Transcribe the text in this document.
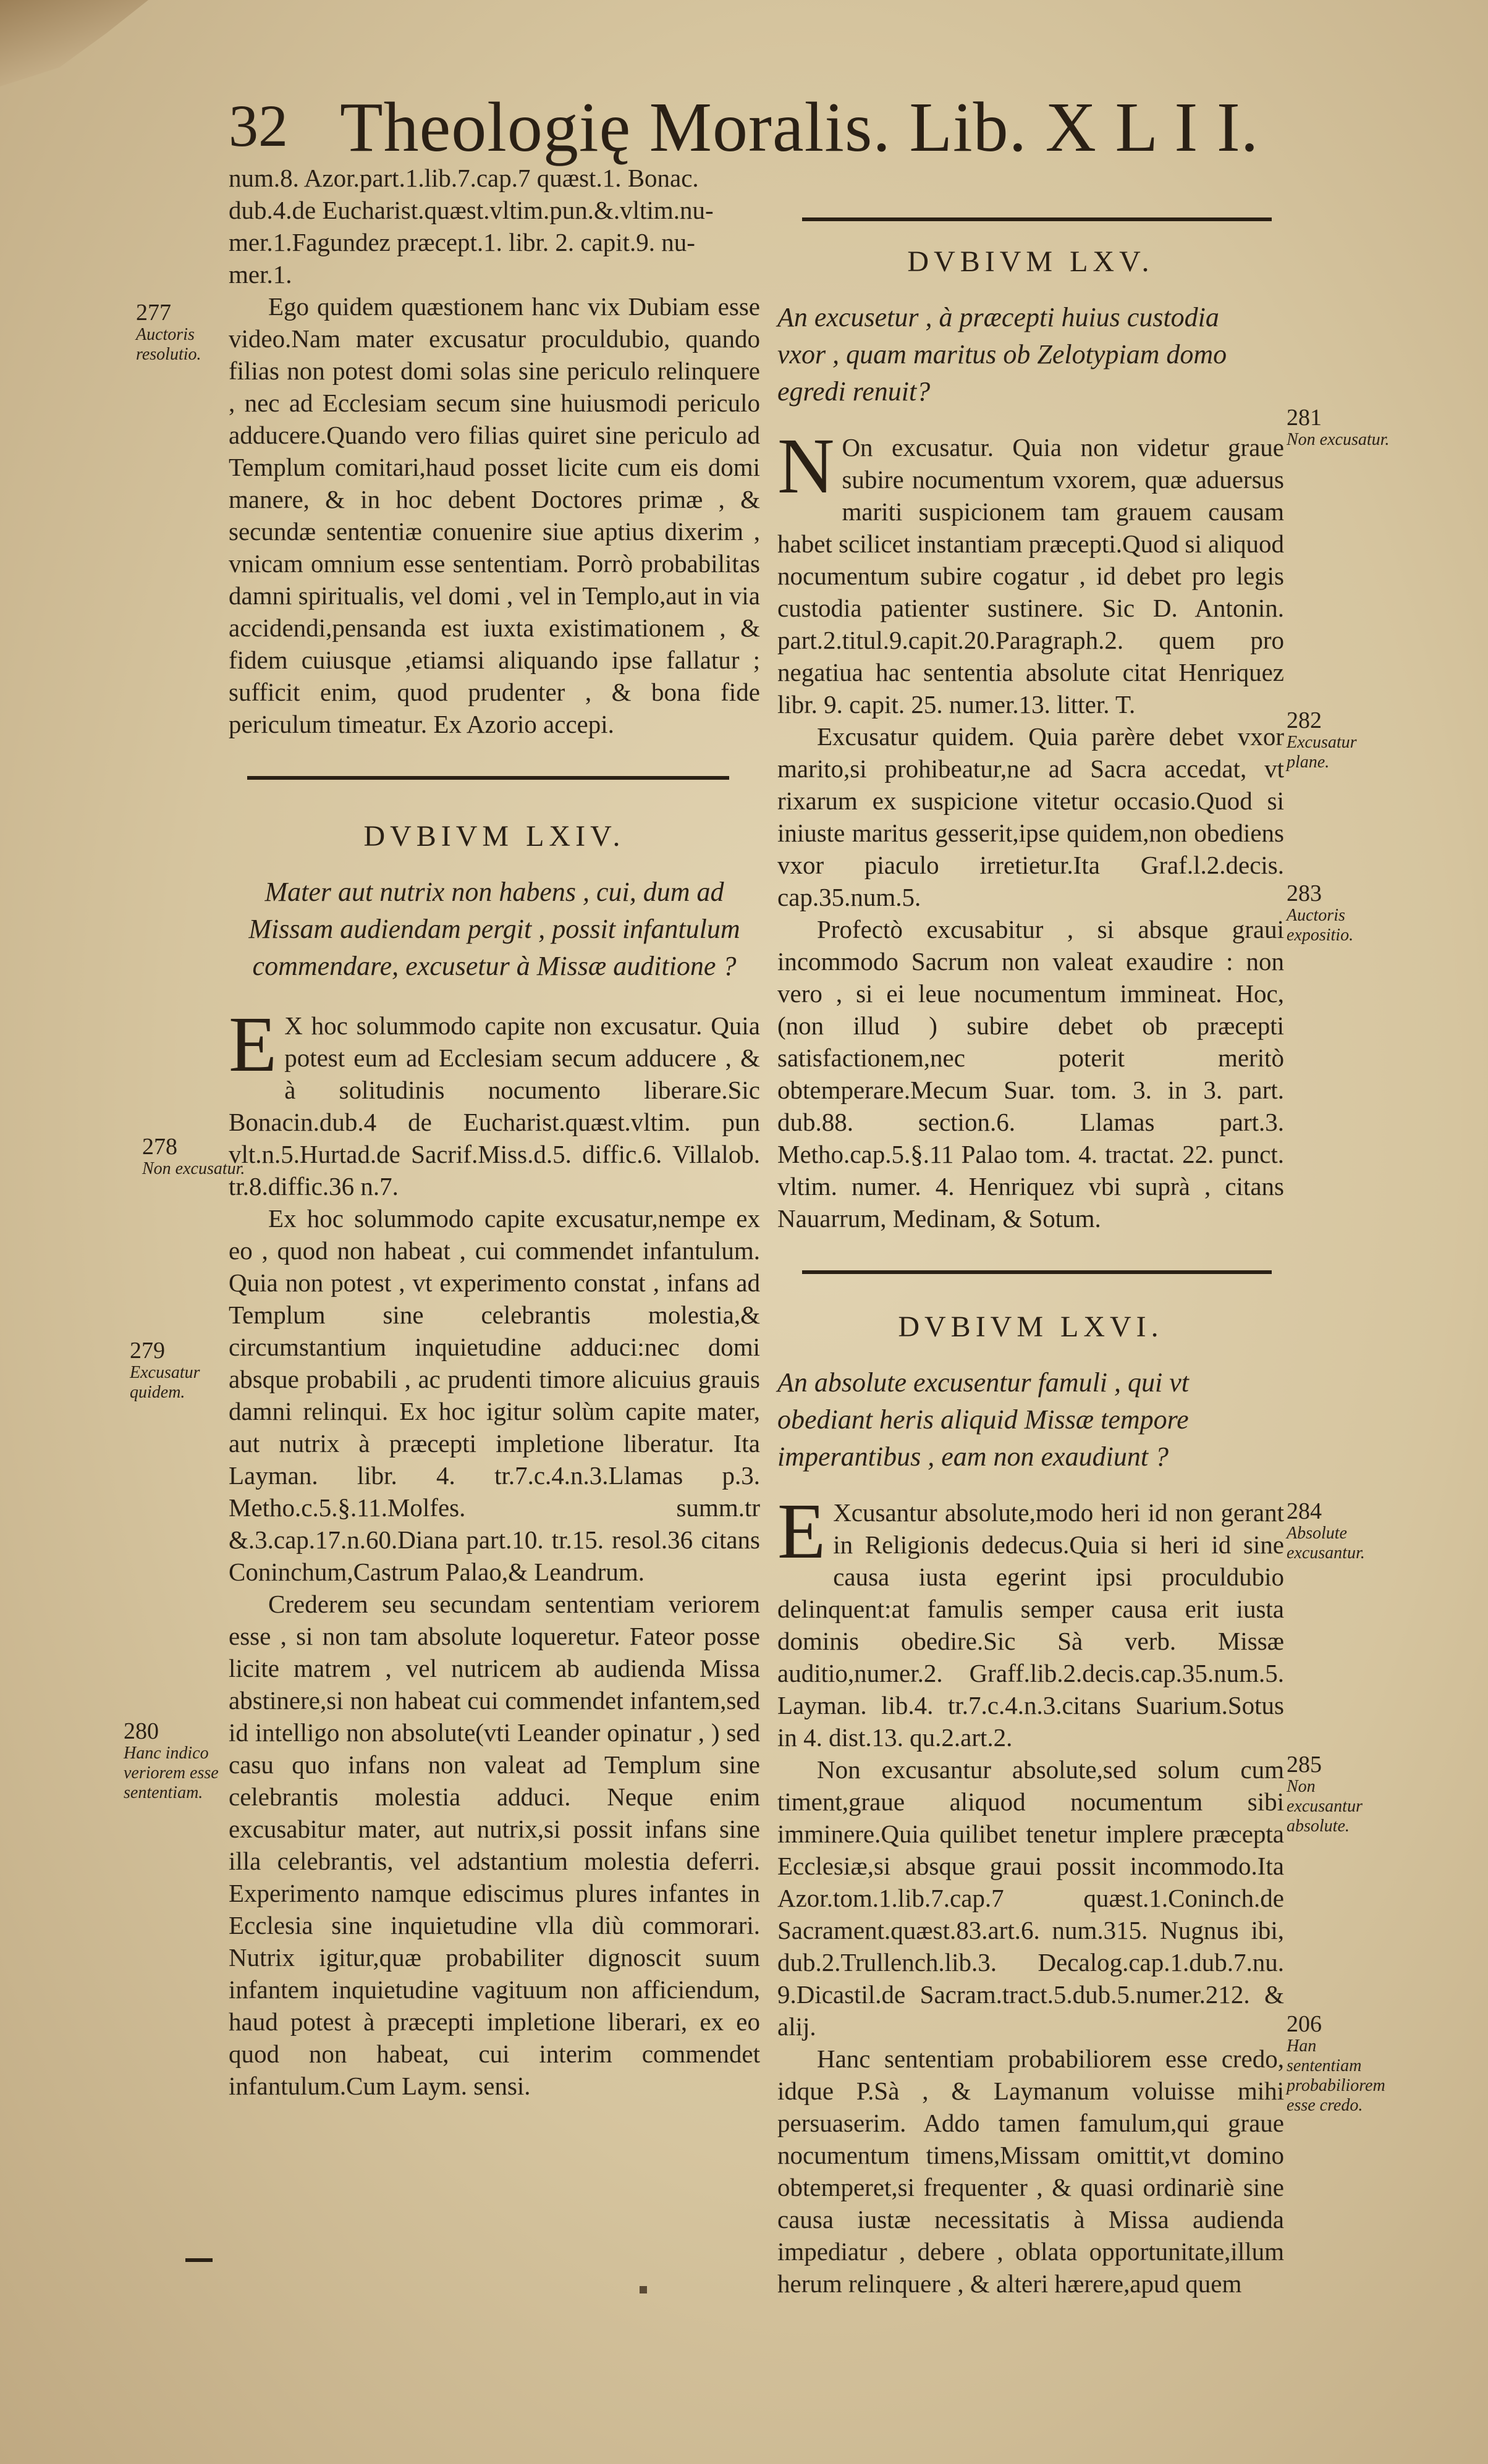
32 Theologię Moralis. Lib. X L I I.

num.8. Azor.part.1.lib.7.cap.7 quæst.1. Bonac.

dub.4.de Eucharist.quæst.vltim.pun.&.vltim.nu-

mer.1.Fagundez præcept.1. libr. 2. capit.9. nu-

mer.1.

Ego quidem quæstionem hanc vix Dubiam esse video.Nam mater excusatur proculdubio, quando filias non potest domi solas sine periculo relinquere , nec ad Ecclesiam secum sine huiusmodi periculo adducere.Quando vero filias quiret sine periculo ad Templum comitari,haud posset licite cum eis domi manere, & in hoc debent Doctores primæ , & secundæ sententiæ conuenire siue aptius dixerim , vnicam omnium esse sententiam. Porrò probabilitas damni spiritualis, vel domi , vel in Templo,aut in via accidendi,pensanda est iuxta existimationem , & fidem cuiusque ,etiamsi aliquando ipse fallatur ; sufficit enim, quod prudenter , & bona fide periculum timeatur. Ex Azorio accepi.

DVBIVM LXIV.
Mater aut nutrix non habens , cui, dum ad Missam audiendam pergit , possit infantulum commendare, excusetur à Missæ auditione ?

E X hoc solummodo capite non excusatur. Quia potest eum ad Ecclesiam secum adducere , & à solitudinis nocumento liberare.Sic Bonacin.dub.4 de Eucharist.quæst.vltim. pun vlt.n.5.Hurtad.de Sacrif.Miss.d.5. diffic.6. Villalob. tr.8.diffic.36 n.7.

Ex hoc solummodo capite excusatur,nempe ex eo , quod non habeat , cui commendet infantulum. Quia non potest , vt experimento constat , infans ad Templum sine celebrantis molestia,& circumstantium inquietudine adduci:nec domi absque probabili , ac prudenti timore alicuius grauis damni relinqui. Ex hoc igitur solùm capite mater, aut nutrix à præcepti impletione liberatur. Ita Layman. libr. 4. tr.7.c.4.n.3.Llamas p.3. Metho.c.5.§.11.Molfes. summ.tr &.3.cap.17.n.60.Diana part.10. tr.15. resol.36 citans Coninchum,Castrum Palao,& Leandrum.

Crederem seu secundam sententiam veriorem esse , si non tam absolute loqueretur. Fateor posse licite matrem , vel nutricem ab audienda Missa abstinere,si non habeat cui commendet infantem,sed id intelligo non absolute(vti Leander opinatur , ) sed casu quo infans non valeat ad Templum sine celebrantis molestia adduci. Neque enim excusabitur mater, aut nutrix,si possit infans sine illa celebrantis, vel adstantium molestia deferri. Experimento namque ediscimus plures infantes in Ecclesia sine inquietudine vlla diù commorari. Nutrix igitur,quæ probabiliter dignoscit suum infantem inquietudine vagituum non afficiendum, haud potest à præcepti impletione liberari, ex eo quod non habeat, cui interim commendet infantulum.Cum Laym. sensi.

DVBIVM LXV.
An excusetur , à præcepti huius custodia vxor , quam maritus ob Zelotypiam domo egredi renuit?

N On excusatur. Quia non videtur graue subire nocumentum vxorem, quæ aduersus mariti suspicionem tam grauem causam habet scilicet instantiam præcepti.Quod si aliquod nocumentum subire cogatur , id debet pro legis custodia patienter sustinere. Sic D. Antonin. part.2.titul.9.capit.20.Paragraph.2. quem pro negatiua hac sententia absolute citat Henriquez libr. 9. capit. 25. numer.13. litter. T.

Excusatur quidem. Quia parère debet vxor marito,si prohibeatur,ne ad Sacra accedat, vt rixarum ex suspicione vitetur occasio.Quod si iniuste maritus gesserit,ipse quidem,non obediens vxor piaculo irretietur.Ita Graf.l.2.decis. cap.35.num.5.

Profectò excusabitur , si absque graui incommodo Sacrum non valeat exaudire : non vero , si ei leue nocumentum immineat. Hoc, (non illud ) subire debet ob præcepti satisfactionem,nec poterit meritò obtemperare.Mecum Suar. tom. 3. in 3. part. dub.88. section.6. Llamas part.3. Metho.cap.5.§.11 Palao tom. 4. tractat. 22. punct. vltim. numer. 4. Henriquez vbi suprà , citans Nauarrum, Medinam, & Sotum.

DVBIVM LXVI.
An absolute excusentur famuli , qui vt obediant heris aliquid Missæ tempore imperantibus , eam non exaudiunt ?

E Xcusantur absolute,modo heri id non gerant in Religionis dedecus.Quia si heri id sine causa iusta egerint ipsi proculdubio delinquent:at famulis semper causa erit iusta dominis obedire.Sic Sà verb. Missæ auditio,numer.2. Graff.lib.2.decis.cap.35.num.5. Layman. lib.4. tr.7.c.4.n.3.citans Suarium.Sotus in 4. dist.13. qu.2.art.2.

Non excusantur absolute,sed solum cum timent,graue aliquod nocumentum sibi imminere.Quia quilibet tenetur implere præcepta Ecclesiæ,si absque graui possit incommodo.Ita Azor.tom.1.lib.7.cap.7 quæst.1.Coninch.de Sacrament.quæst.83.art.6. num.315. Nugnus ibi, dub.2.Trullench.lib.3. Decalog.cap.1.dub.7.nu. 9.Dicastil.de Sacram.tract.5.dub.5.numer.212. & alij.

Hanc sententiam probabiliorem esse credo, idque P.Sà , & Laymanum voluisse mihi persuaserim. Addo tamen famulum,qui graue nocumentum timens,Missam omittit,vt domino obtemperet,si frequenter , & quasi ordinariè sine causa iustæ necessitatis à Missa audienda impediatur , debere , oblata opportunitate,illum herum relinquere , & alteri hærere,apud quem

277
Auctoris resolutio.
278
Non excusatur.
279
Excusatur quidem.
280
Hanc indico veriorem esse sententiam.
281
Non excusatur.
282
Excusatur plane.
283
Auctoris expositio.
284
Absolute excusantur.
285
Non excusantur absolute.
206
Han sententiam probabiliorem esse credo.
